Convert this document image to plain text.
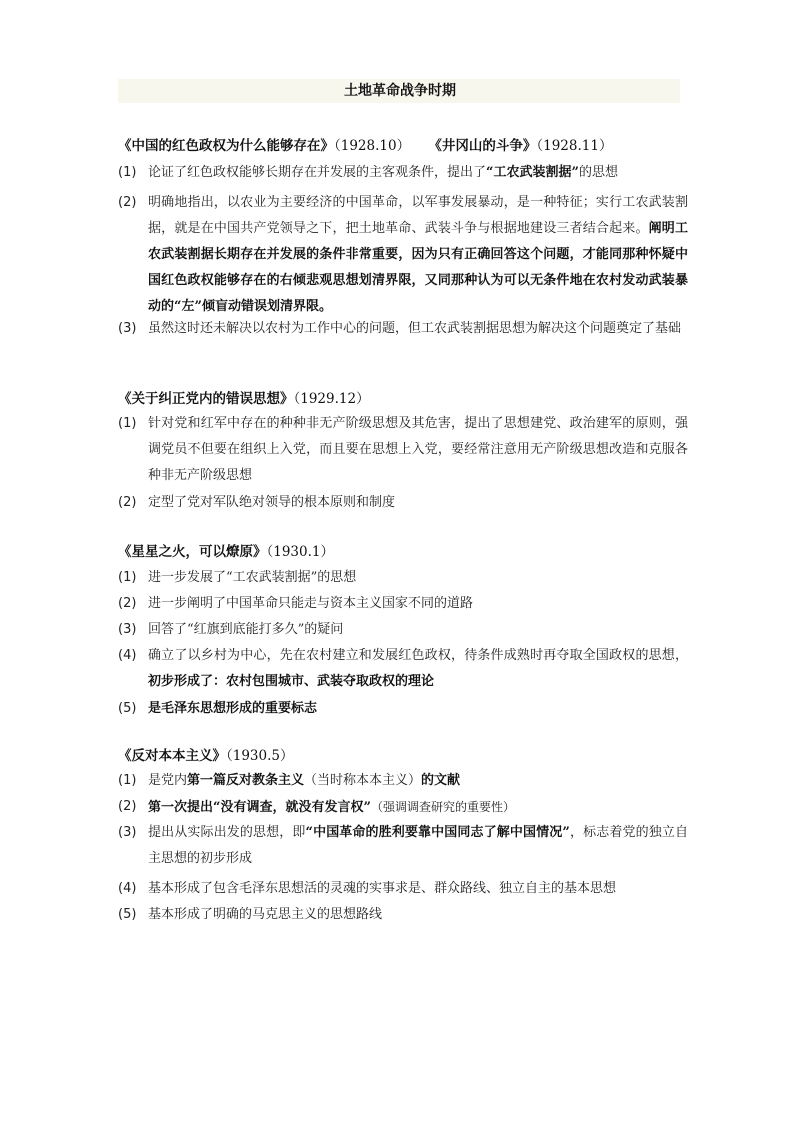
土地革命战争时期
《中国的红色政权为什么能够存在》（1928.10） 《井冈山的斗争》（1928.11）
(1) 论证了红色政权能够长期存在并发展的主客观条件，提出了“工农武装割据”的思想
(2) 明确地指出，以农业为主要经济的中国革命，以军事发展暴动，是一种特征；实行工农武装割据，就是在中国共产党领导之下，把土地革命、武装斗争与根据地建设三者结合起来。阐明工农武装割据长期存在并发展的条件非常重要，因为只有正确回答这个问题，才能同那种怀疑中国红色政权能够存在的右倾悲观思想划清界限，又同那种认为可以无条件地在农村发动武装暴动的“左”倾盲动错误划清界限。
(3) 虽然这时还未解决以农村为工作中心的问题，但工农武装割据思想为解决这个问题奠定了基础
《关于纠正党内的错误思想》（1929.12）
(1) 针对党和红军中存在的种种非无产阶级思想及其危害，提出了思想建党、政治建军的原则，强调党员不但要在组织上入党，而且要在思想上入党，要经常注意用无产阶级思想改造和克服各种非无产阶级思想
(2) 定型了党对军队绝对领导的根本原则和制度
《星星之火，可以燎原》（1930.1）
(1) 进一步发展了“工农武装割据”的思想
(2) 进一步阐明了中国革命只能走与资本主义国家不同的道路
(3) 回答了“红旗到底能打多久”的疑问
(4) 确立了以乡村为中心，先在农村建立和发展红色政权，待条件成熟时再夺取全国政权的思想，初步形成了：农村包围城市、武装夺取政权的理论
(5) 是毛泽东思想形成的重要标志
《反对本本主义》（1930.5）
(1) 是党内第一篇反对教条主义（当时称本本主义）的文献
(2) 第一次提出“没有调查，就没有发言权”（强调调查研究的重要性）
(3) 提出从实际出发的思想，即“中国革命的胜利要靠中国同志了解中国情况”，标志着党的独立自主思想的初步形成
(4) 基本形成了包含毛泽东思想活的灵魂的实事求是、群众路线、独立自主的基本思想
(5) 基本形成了明确的马克思主义的思想路线
